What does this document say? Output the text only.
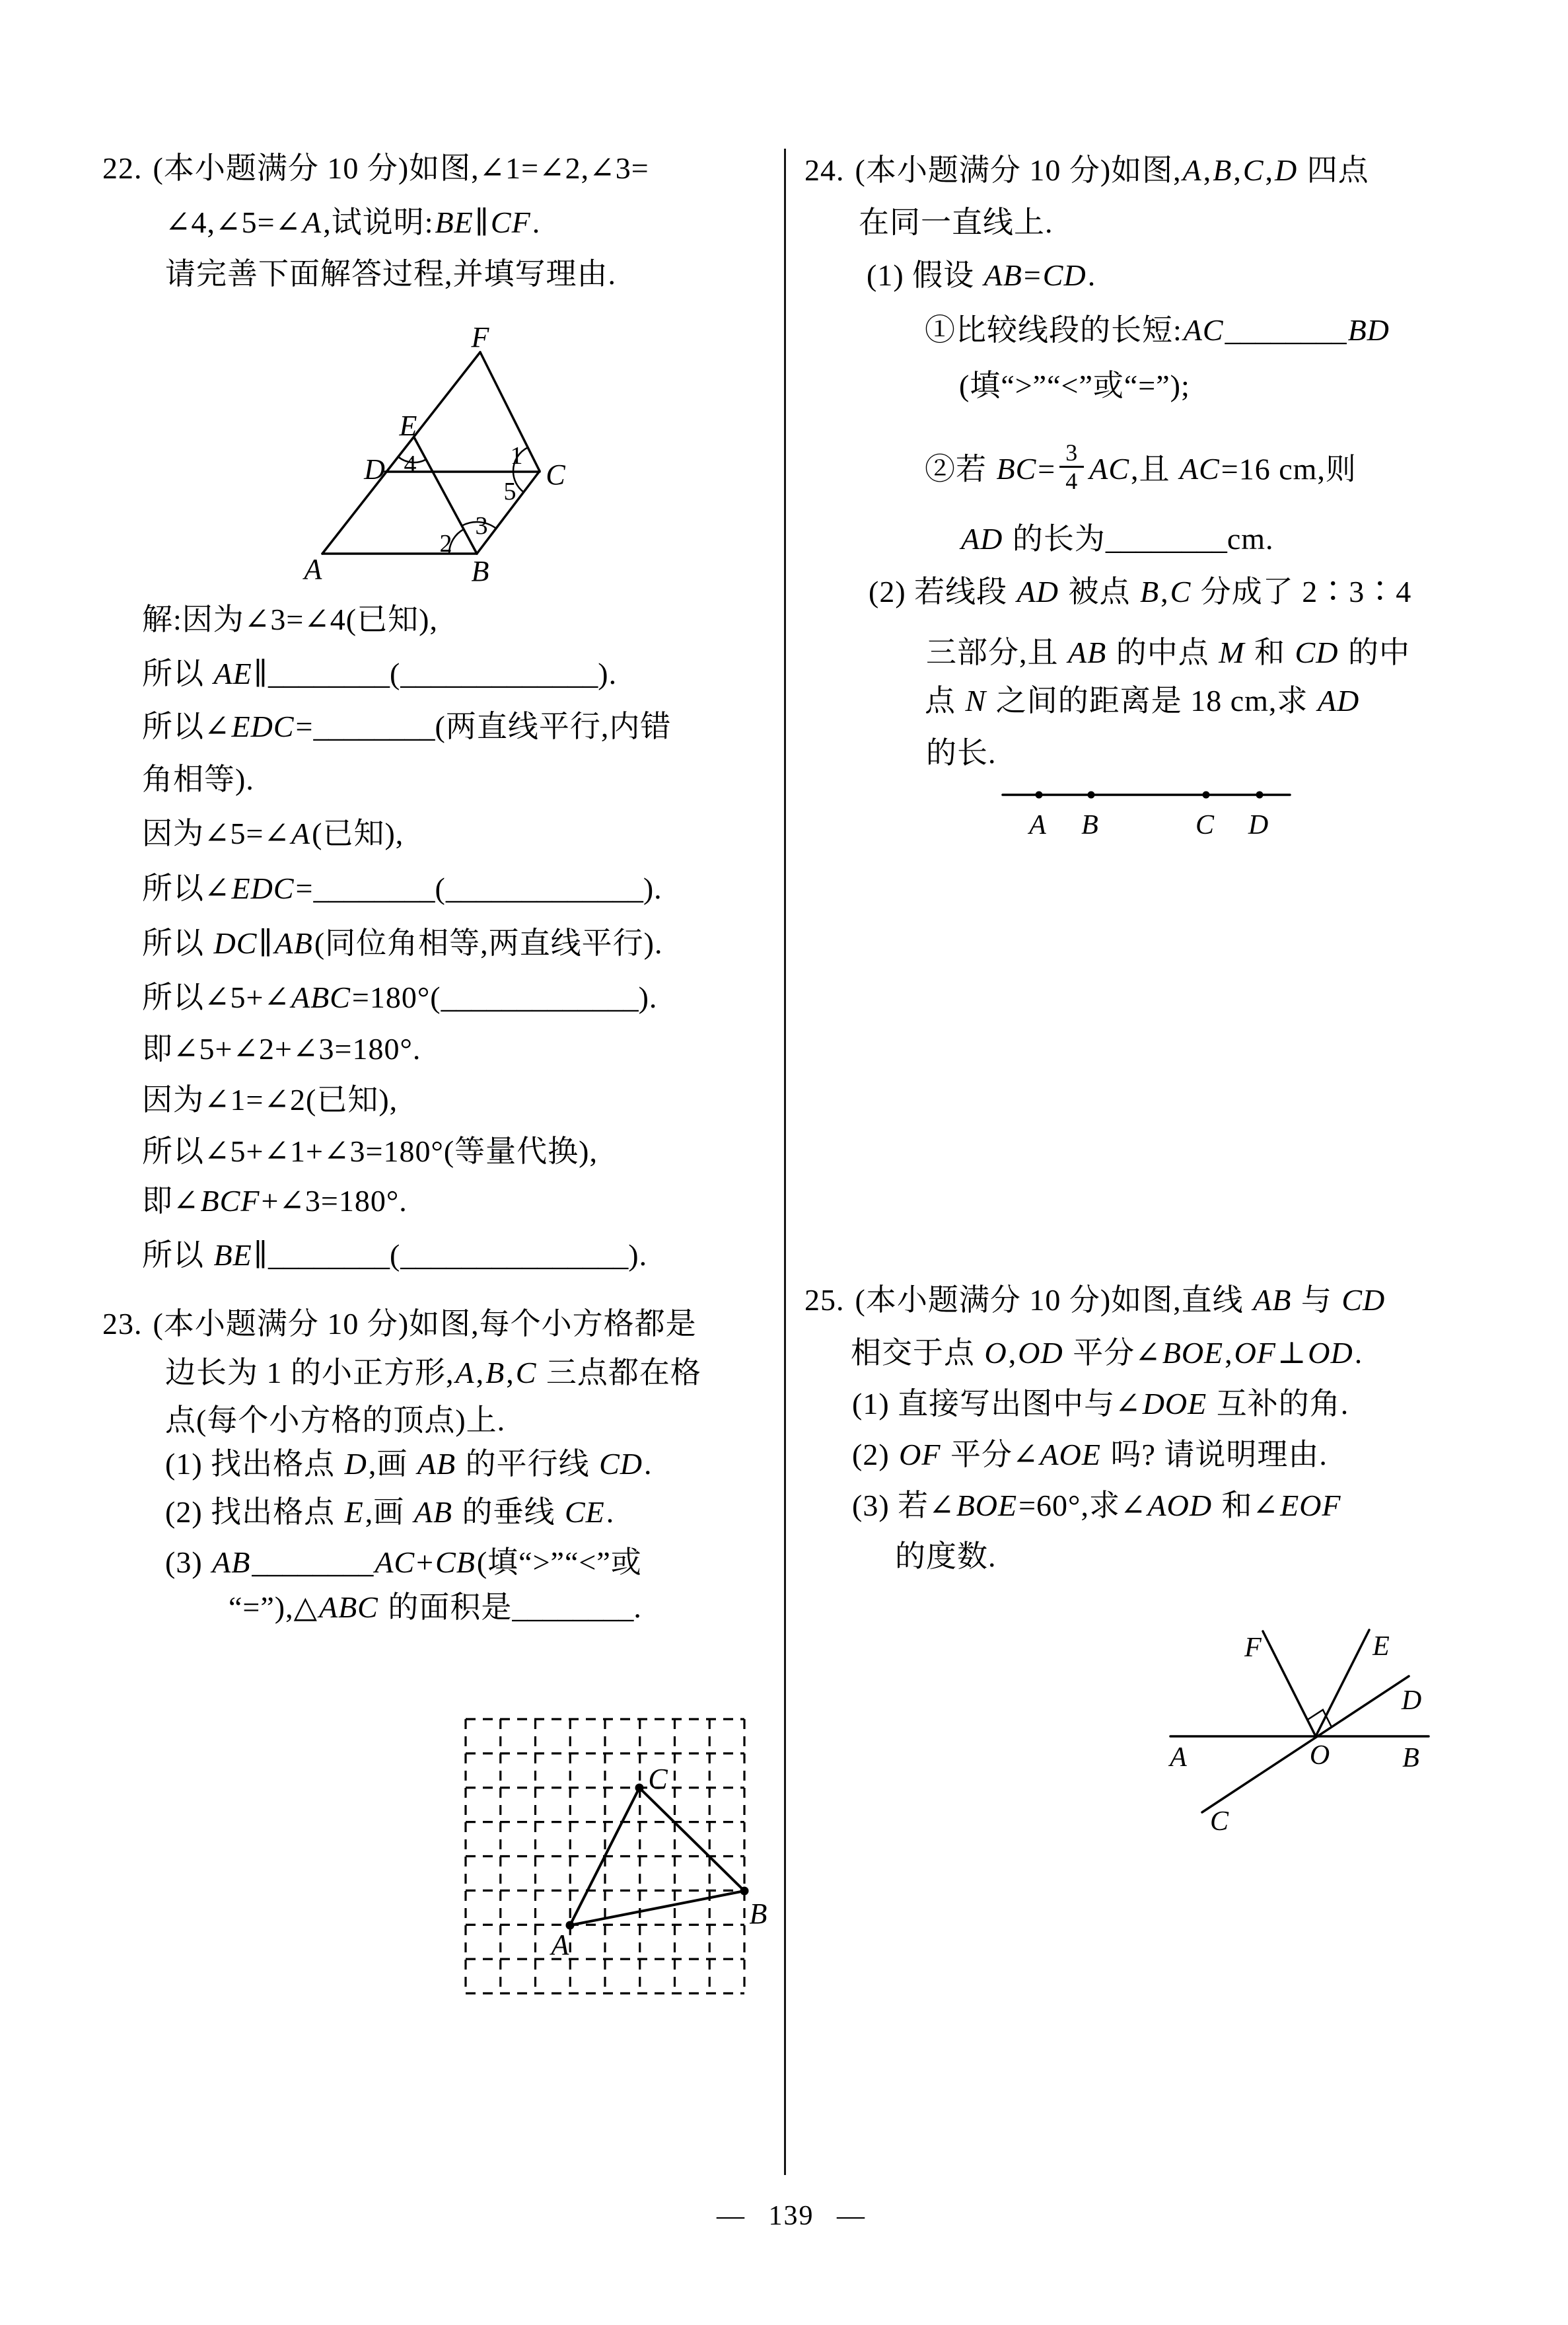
22. (本小题满分 10 分)如图,∠1=∠2,∠3=
∠4,∠5=∠A,试说明:BE∥CF.
请完善下面解答过程,并填写理由.
F
E
D	C
A	B
1
5
4
2
3
解:因为∠3=∠4(已知),
所以 AE∥________(_____________).
所以∠EDC=________(两直线平行,内错
角相等).
因为∠5=∠A(已知),
所以∠EDC=________(_____________).
所以 DC∥AB(同位角相等,两直线平行).
所以∠5+∠ABC=180°(_____________).
即∠5+∠2+∠3=180°.
因为∠1=∠2(已知),
所以∠5+∠1+∠3=180°(等量代换),
即∠BCF+∠3=180°.
所以 BE∥________(_______________).
23. (本小题满分 10 分)如图,每个小方格都是
边长为 1 的小正方形,A,B,C 三点都在格
点(每个小方格的顶点)上.
(1) 找出格点 D,画 AB 的平行线 CD.
(2) 找出格点 E,画 AB 的垂线 CE.
(3) AB________AC+CB(填“>”“<”或
“=”),△ABC 的面积是________.
A
B
C
24. (本小题满分 10 分)如图,A,B,C,D 四点
在同一直线上.
(1) 假设 AB=CD.
①比较线段的长短:AC________BD
(填“>”“<”或“=”);
②若 $BC= \frac{3}{4}$ AC,且 AC=16 cm,则
AD 的长为________cm.
(2) 若线段 AD 被点 B,C 分成了 2∶3∶4
三部分,且 AB 的中点 M 和 CD 的中
点 N 之间的距离是 18 cm,求 AD
的长.
A B	C D
25. (本小题满分 10 分)如图,直线 AB 与 CD
相交于点 O,OD 平分∠BOE,OF⊥OD.
(1) 直接写出图中与∠DOE 互补的角.
(2) OF 平分∠AOE 吗? 请说明理由.
(3) 若∠BOE=60°,求∠AOD 和∠EOF
的度数.
A	B
O
C
D
E
F
— 139 —
